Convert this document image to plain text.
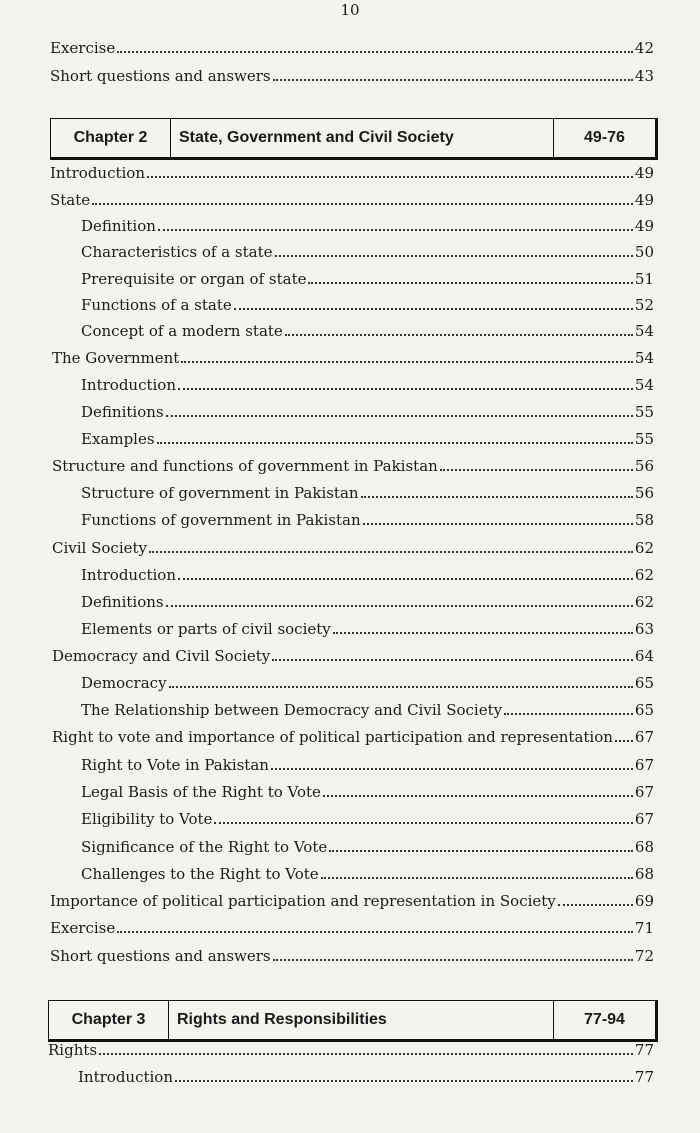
10
Exercise	42
Short questions and answers	43
Chapter 2	State, Government and Civil Society	49-76
Introduction	49
State	49
Definition	49
Characteristics of a state	50
Prerequisite or organ of state	51
Functions of a state	52
Concept of a modern state	54
The Government	54
Introduction	54
Definitions	55
Examples	55
Structure and functions of government in Pakistan	56
Structure of government in Pakistan	56
Functions of government in Pakistan	58
Civil Society	62
Introduction	62
Definitions	62
Elements or parts of civil society	63
Democracy and Civil Society	64
Democracy	65
The Relationship between Democracy and Civil Society	65
Right to vote and importance of political participation and representation 67
Right to Vote in Pakistan	67
Legal Basis of the Right to Vote	67
Eligibility to Vote	67
Significance of the Right to Vote	68
Challenges to the Right to Vote	68
Importance of political participation and representation in Society	69
Exercise	71
Short questions and answers	72
Chapter 3	Rights and Responsibilities	77-94
Rights	77
Introduction	77
